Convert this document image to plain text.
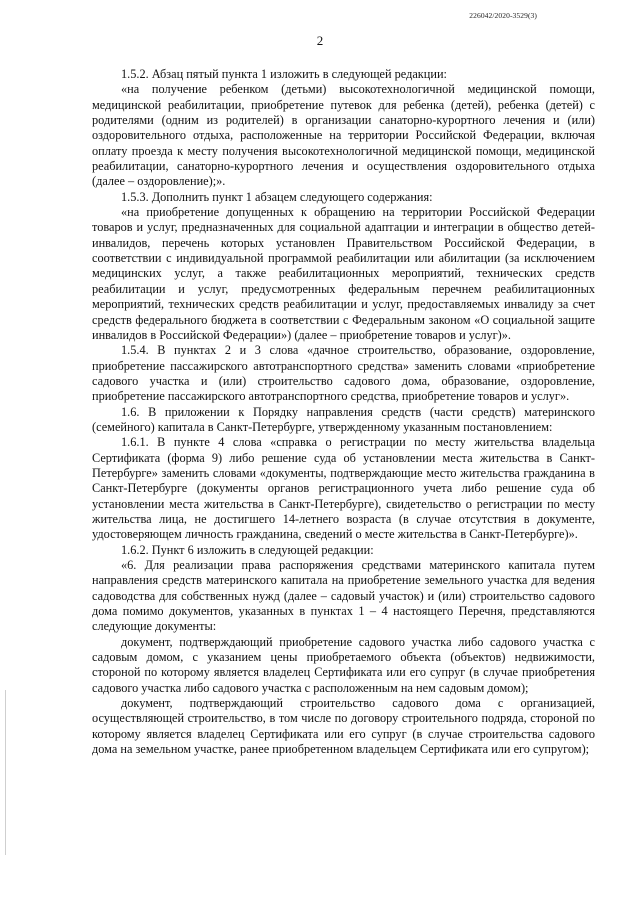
226042/2020-3529(3)
2

1.5.2. Абзац пятый пункта 1 изложить в следующей редакции:

«на получение ребенком (детьми) высокотехнологичной медицинской помощи, медицинской реабилитации, приобретение путевок для ребенка (детей), ребенка (детей) с родителями (одним из родителей) в организации санаторно-курортного лечения и (или) оздоровительного отдыха, расположенные на территории Российской Федерации, включая оплату проезда к месту получения высокотехнологичной медицинской помощи, медицинской реабилитации, санаторно-курортного лечения и осуществления оздоровительного отдыха (далее – оздоровление);».

1.5.3. Дополнить пункт 1 абзацем следующего содержания:

«на приобретение допущенных к обращению на территории Российской Федерации товаров и услуг, предназначенных для социальной адаптации и интеграции в общество детей-инвалидов, перечень которых установлен Правительством Российской Федерации, в соответствии с индивидуальной программой реабилитации или абилитации (за исключением медицинских услуг, а также реабилитационных мероприятий, технических средств реабилитации и услуг, предусмотренных федеральным перечнем реабилитационных мероприятий, технических средств реабилитации и услуг, предоставляемых инвалиду за счет средств федерального бюджета в соответствии с Федеральным законом «О социальной защите инвалидов в Российской Федерации») (далее – приобретение товаров и услуг)».

1.5.4. В пунктах 2 и 3 слова «дачное строительство, образование, оздоровление, приобретение пассажирского автотранспортного средства» заменить словами «приобретение садового участка и (или) строительство садового дома, образование, оздоровление, приобретение пассажирского автотранспортного средства, приобретение товаров и услуг».

1.6. В приложении к Порядку направления средств (части средств) материнского (семейного) капитала в Санкт-Петербурге, утвержденному указанным постановлением:

1.6.1. В пункте 4 слова «справка о регистрации по месту жительства владельца Сертификата (форма 9) либо решение суда об установлении места жительства в Санкт-Петербурге» заменить словами «документы, подтверждающие место жительства гражданина в Санкт-Петербурге (документы органов регистрационного учета либо решение суда об установлении места жительства в Санкт-Петербурге), свидетельство о регистрации по месту жительства лица, не достигшего 14-летнего возраста (в случае отсутствия в документе, удостоверяющем личность гражданина, сведений о месте жительства в Санкт-Петербурге)».

1.6.2. Пункт 6 изложить в следующей редакции:

«6. Для реализации права распоряжения средствами материнского капитала путем направления средств материнского капитала на приобретение земельного участка для ведения садоводства для собственных нужд (далее – садовый участок) и (или) строительство садового дома помимо документов, указанных в пунктах 1 – 4 настоящего Перечня, представляются следующие документы:

документ, подтверждающий приобретение садового участка либо садового участка с садовым домом, с указанием цены приобретаемого объекта (объектов) недвижимости, стороной по которому является владелец Сертификата или его супруг (в случае приобретения садового участка либо садового участка с расположенным на нем садовым домом);

документ, подтверждающий строительство садового дома с организацией, осуществляющей строительство, в том числе по договору строительного подряда, стороной по которому является владелец Сертификата или его супруг (в случае строительства садового дома на земельном участке, ранее приобретенном владельцем Сертификата или его супругом);
